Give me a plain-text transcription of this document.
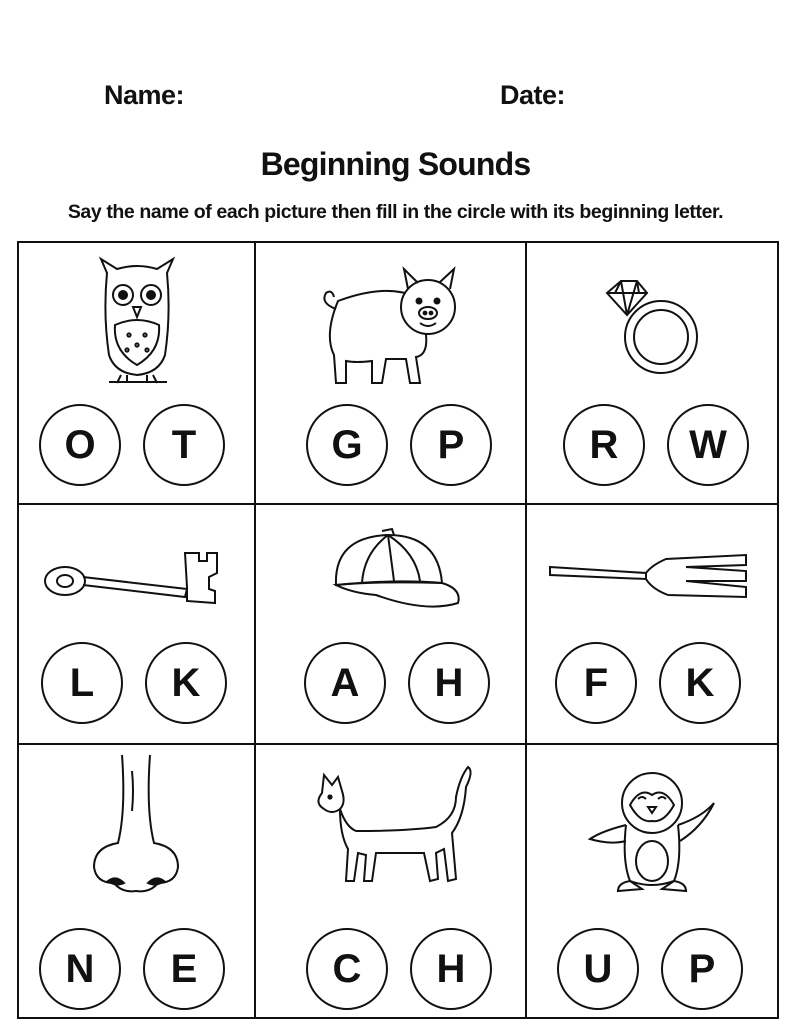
Name:	Date:
Beginning Sounds
Say the name of each picture then fill in the circle with its beginning letter.
O	T	G	P	R	W
L	K	A	H	F	K
N	E	C	H	U	P
